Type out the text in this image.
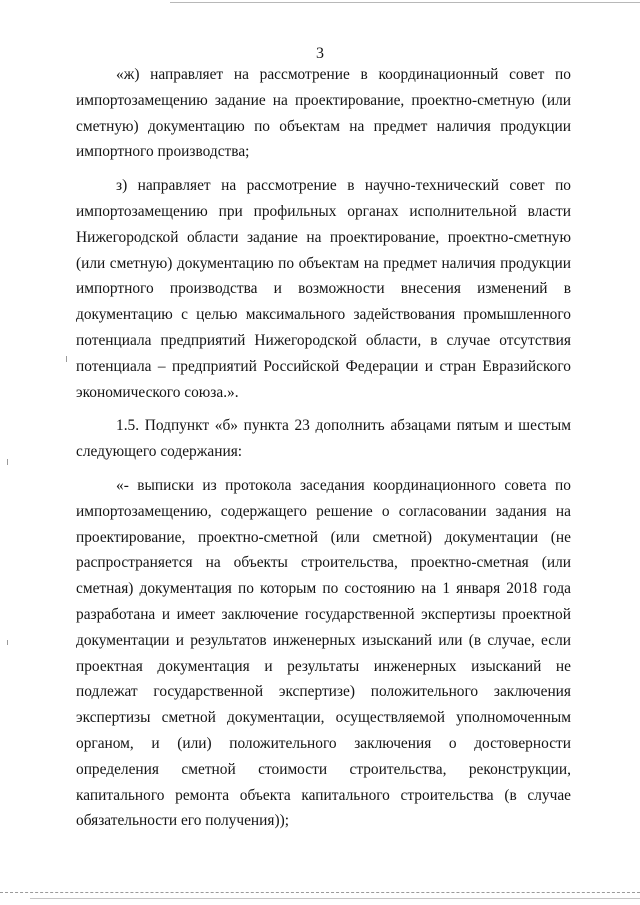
3
«ж) направляет на рассмотрение в координационный совет по
импортозамещению задание на проектирование, проектно-сметную (или
сметную) документацию по объектам на предмет наличия продукции
импортного производства;
з) направляет на рассмотрение в научно-технический совет по
импортозамещению при профильных органах исполнительной власти
Нижегородской области задание на проектирование, проектно-сметную
(или сметную) документацию по объектам на предмет наличия продукции
импортного производства и возможности внесения изменений в
документацию с целью максимального задействования промышленного
потенциала предприятий Нижегородской области, в случае отсутствия
потенциала – предприятий Российской Федерации и стран Евразийского
экономического союза.».
1.5. Подпункт «б» пункта 23 дополнить абзацами пятым и шестым
следующего содержания:
«- выписки из протокола заседания координационного совета по
импортозамещению, содержащего решение о согласовании задания на
проектирование, проектно-сметной (или сметной) документации (не
распространяется на объекты строительства, проектно-сметная (или
сметная) документация по которым по состоянию на 1 января 2018 года
разработана и имеет заключение государственной экспертизы проектной
документации и результатов инженерных изысканий или (в случае, если
проектная документация и результаты инженерных изысканий не
подлежат государственной экспертизе) положительного заключения
экспертизы сметной документации, осуществляемой уполномоченным
органом, и (или) положительного заключения о достоверности
определения сметной стоимости строительства, реконструкции,
капитального ремонта объекта капитального строительства (в случае
обязательности его получения));
